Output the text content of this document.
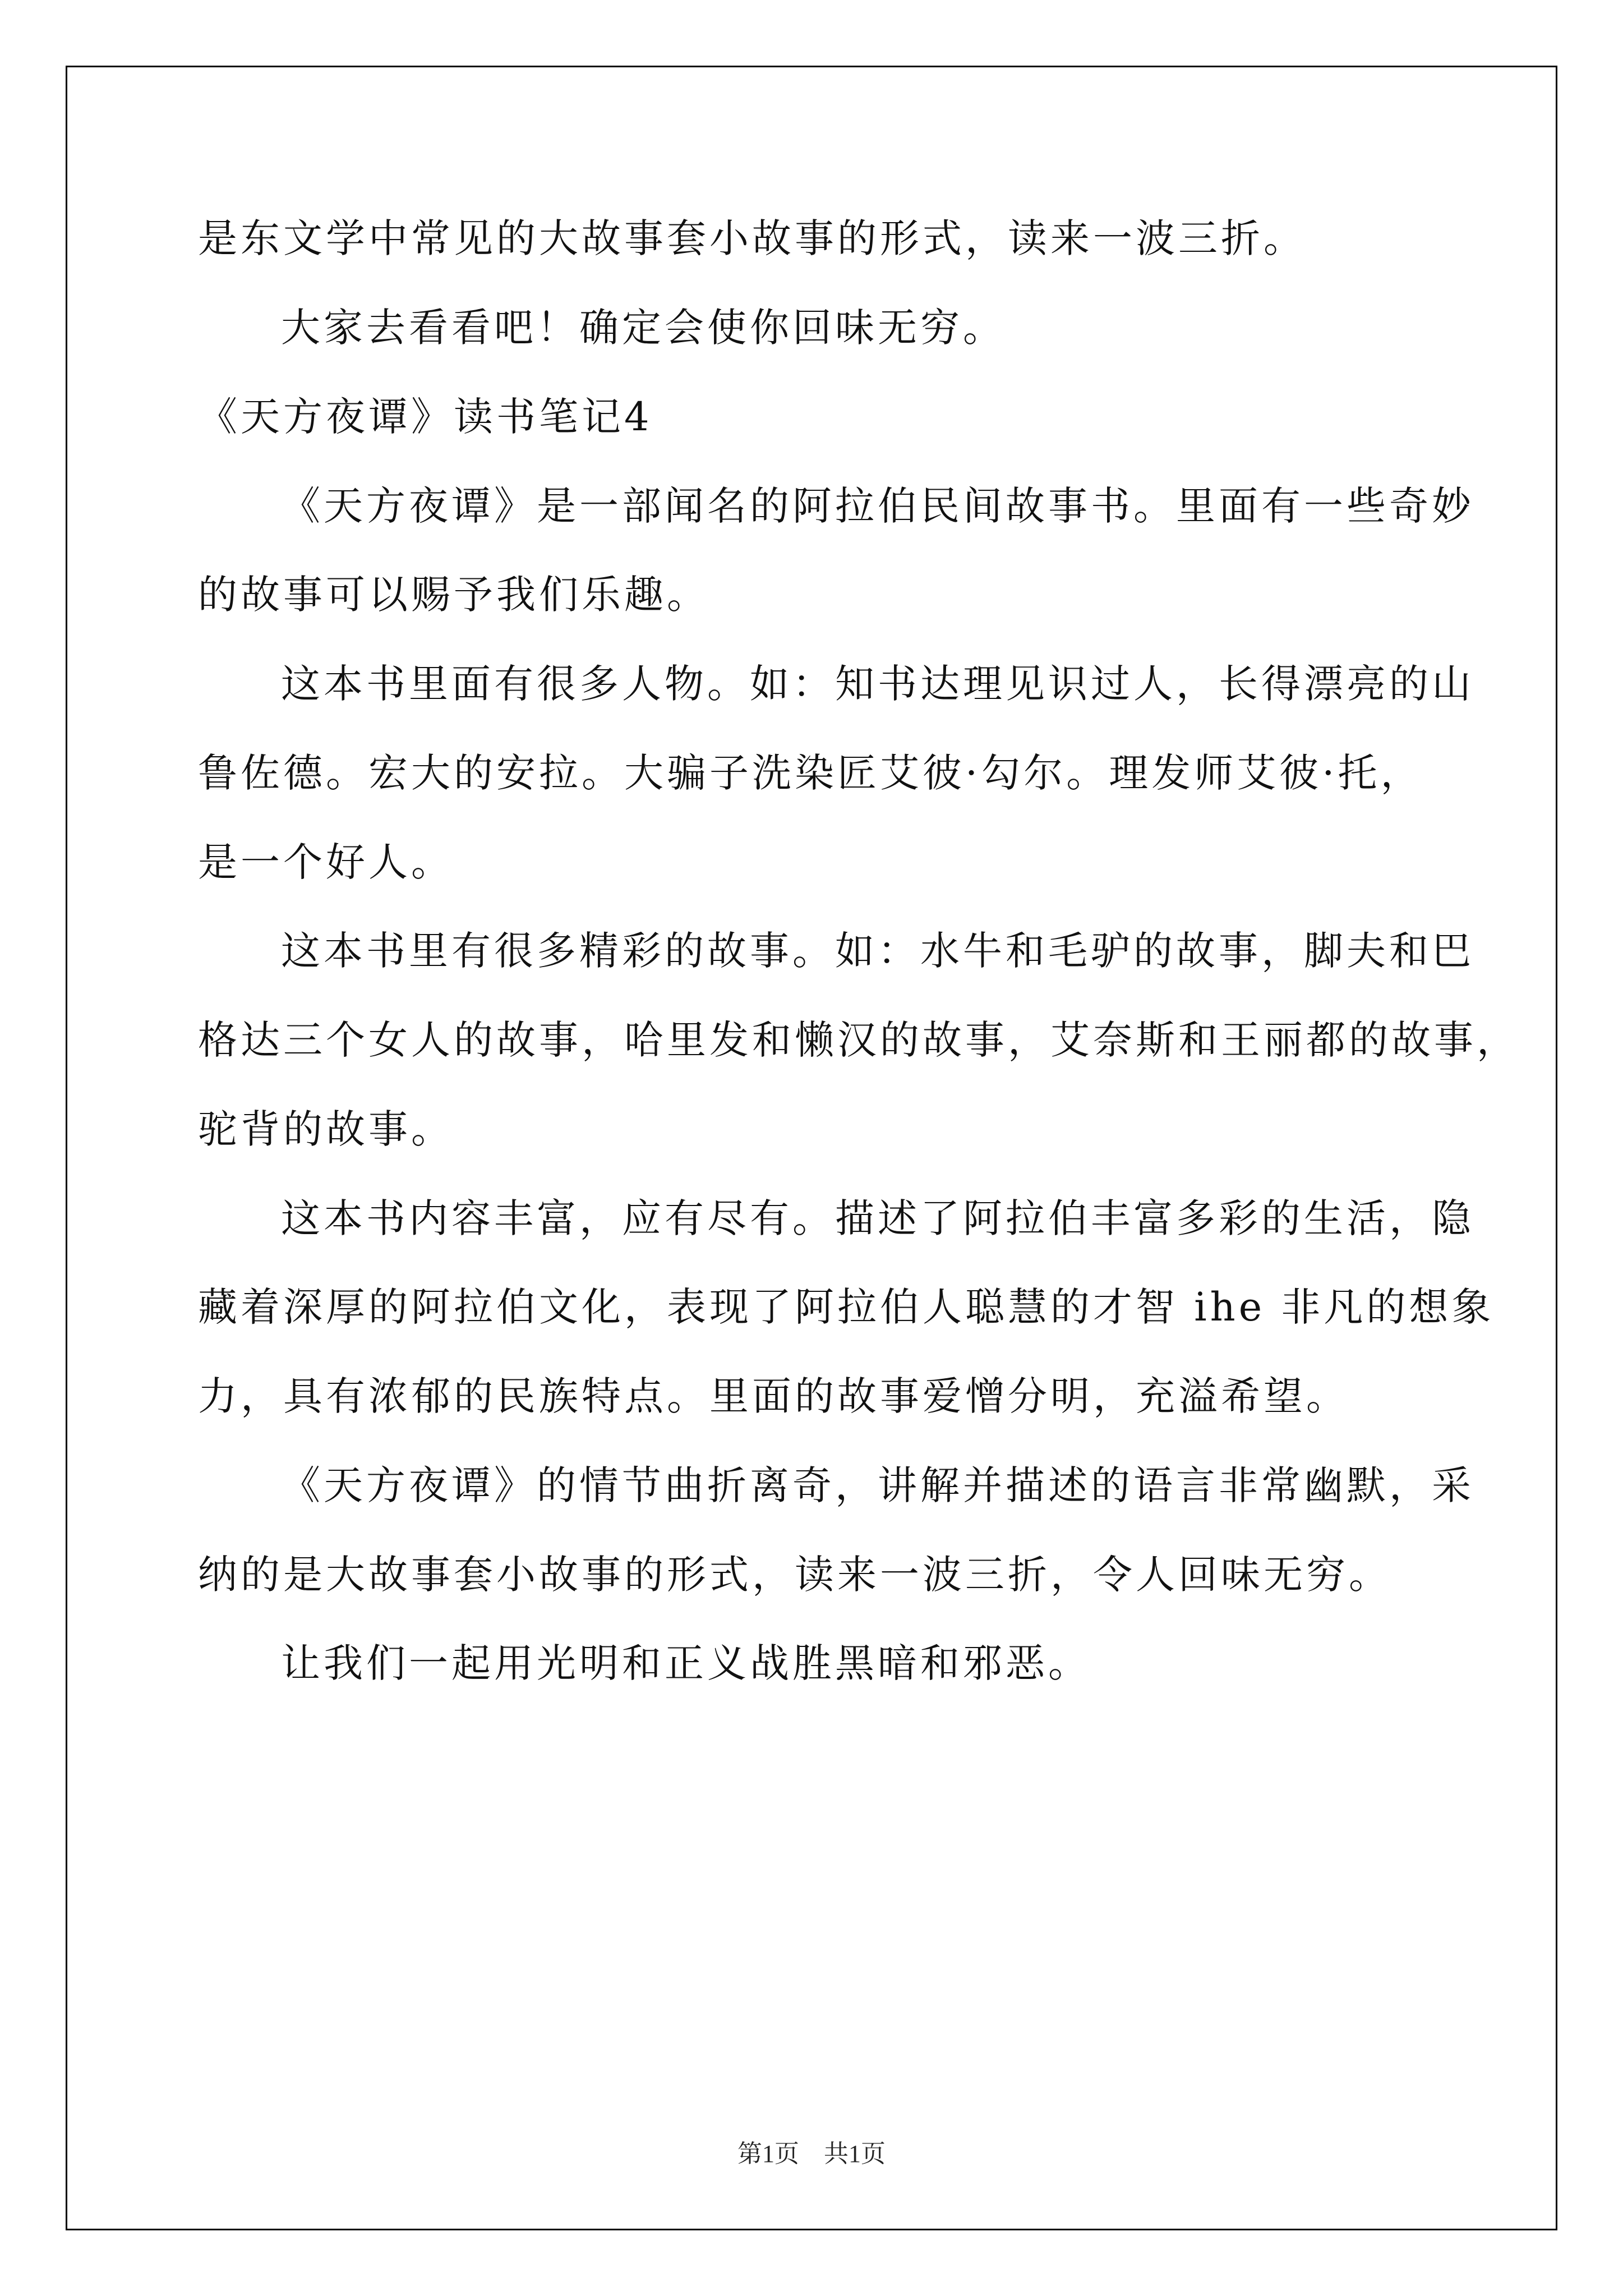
是东文学中常见的大故事套小故事的形式，读来一波三折。
大家去看看吧！确定会使你回味无穷。
《天方夜谭》读书笔记4
《天方夜谭》是一部闻名的阿拉伯民间故事书。里面有一些奇妙
的故事可以赐予我们乐趣。
这本书里面有很多人物。如：知书达理见识过人，长得漂亮的山
鲁佐德。宏大的安拉。大骗子洗染匠艾彼·勾尔。理发师艾彼·托，
是一个好人。
这本书里有很多精彩的故事。如：水牛和毛驴的故事，脚夫和巴
格达三个女人的故事，哈里发和懒汉的故事，艾奈斯和王丽都的故事，
驼背的故事。
这本书内容丰富，应有尽有。描述了阿拉伯丰富多彩的生活，隐
藏着深厚的阿拉伯文化，表现了阿拉伯人聪慧的才智 ihe 非凡的想象
力，具有浓郁的民族特点。里面的故事爱憎分明，充溢希望。
《天方夜谭》的情节曲折离奇，讲解并描述的语言非常幽默，采
纳的是大故事套小故事的形式，读来一波三折，令人回味无穷。
让我们一起用光明和正义战胜黑暗和邪恶。
第1页　共1页
